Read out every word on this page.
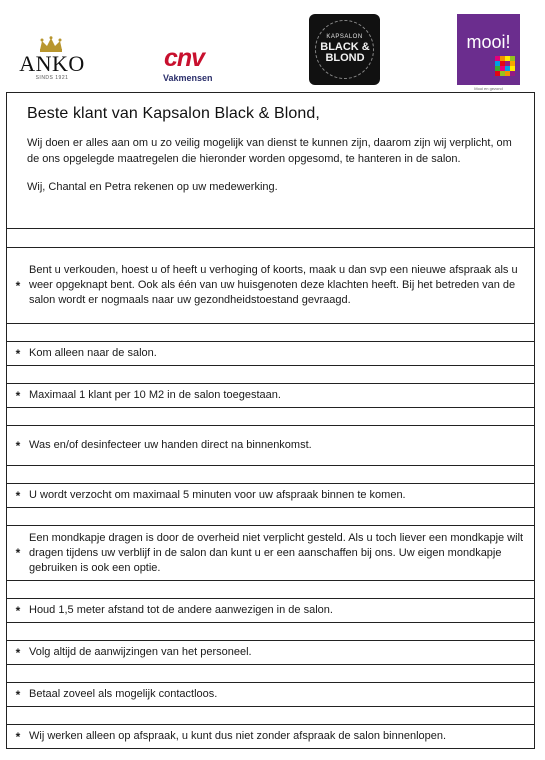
ANKO
SINDS 1921
cnv
Vakmensen
KAPSALON
BLACK & BLOND
mooi!
Mooi en gezond
Beste klant van Kapsalon Black & Blond,

Wij doen er alles aan om u zo veilig mogelijk van dienst te kunnen zijn, daarom zijn wij verplicht, om de ons opgelegde maatregelen die hieronder worden opgesomd, te hanteren in de salon.

Wij, Chantal en Petra rekenen op uw medewerking.

*
Bent u verkouden, hoest u of heeft u verhoging of koorts, maak u dan svp een nieuwe afspraak als u weer opgeknapt bent. Ook als één van uw huisgenoten deze klachten heeft. Bij het betreden van de salon wordt er nogmaals naar uw gezondheidstoestand gevraagd.
* Kom alleen naar de salon.
* Maximaal 1 klant per 10 M2 in de salon toegestaan.
* Was en/of desinfecteer uw handen direct na binnenkomst.
* U wordt verzocht om maximaal 5 minuten voor uw afspraak binnen te komen.
*
Een mondkapje dragen is door de overheid niet verplicht gesteld. Als u toch liever een mondkapje wilt dragen tijdens uw verblijf in de salon dan kunt u er een aanschaffen bij ons. Uw eigen mondkapje gebruiken is ook een optie.
* Houd 1,5 meter afstand tot de andere aanwezigen in de salon.
* Volg altijd de aanwijzingen van het personeel.
* Betaal zoveel als mogelijk contactloos.
* Wij werken alleen op afspraak, u kunt dus niet zonder afspraak de salon binnenlopen.
